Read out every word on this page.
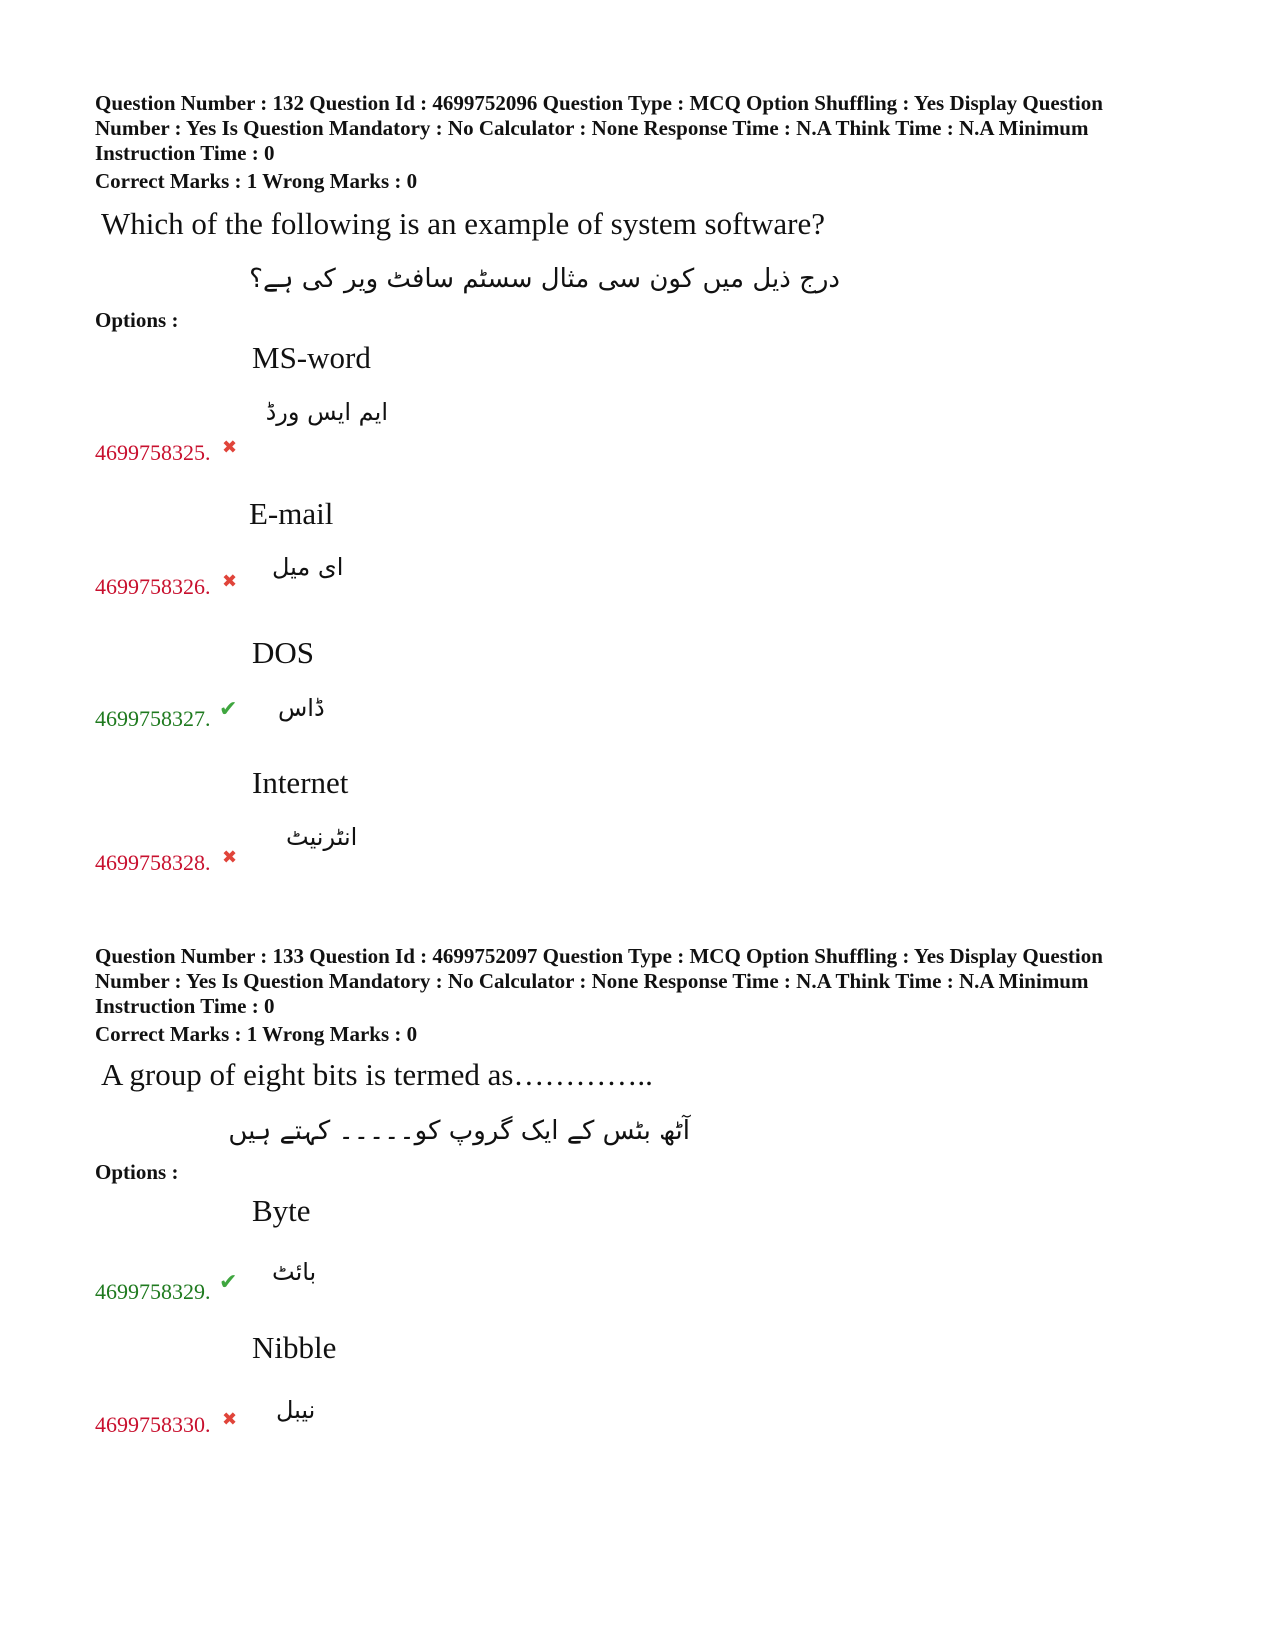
Question Number : 132 Question Id : 4699752096 Question Type : MCQ Option Shuffling : Yes Display Question
Number : Yes Is Question Mandatory : No Calculator : None Response Time : N.A Think Time : N.A Minimum
Instruction Time : 0
Correct Marks : 1 Wrong Marks : 0
Which of the following is an example of system software?
درج ذیل میں کون سی مثال سسٹم سافٹ ویر کی ہے؟
Options :
MS-word
ایم ایس ورڈ
4699758325. ✖
E-mail
ای میل
4699758326. ✖
DOS
ڈاس
4699758327. ✔
Internet
انٹرنیٹ
4699758328. ✖
Question Number : 133 Question Id : 4699752097 Question Type : MCQ Option Shuffling : Yes Display Question
Number : Yes Is Question Mandatory : No Calculator : None Response Time : N.A Think Time : N.A Minimum
Instruction Time : 0
Correct Marks : 1 Wrong Marks : 0
A group of eight bits is termed as…………..
آٹھ بٹس کے ایک گروپ کو۔۔۔۔۔ کہتے ہیں
Options :
Byte
بائٹ
4699758329. ✔
Nibble
نیبل
4699758330. ✖
